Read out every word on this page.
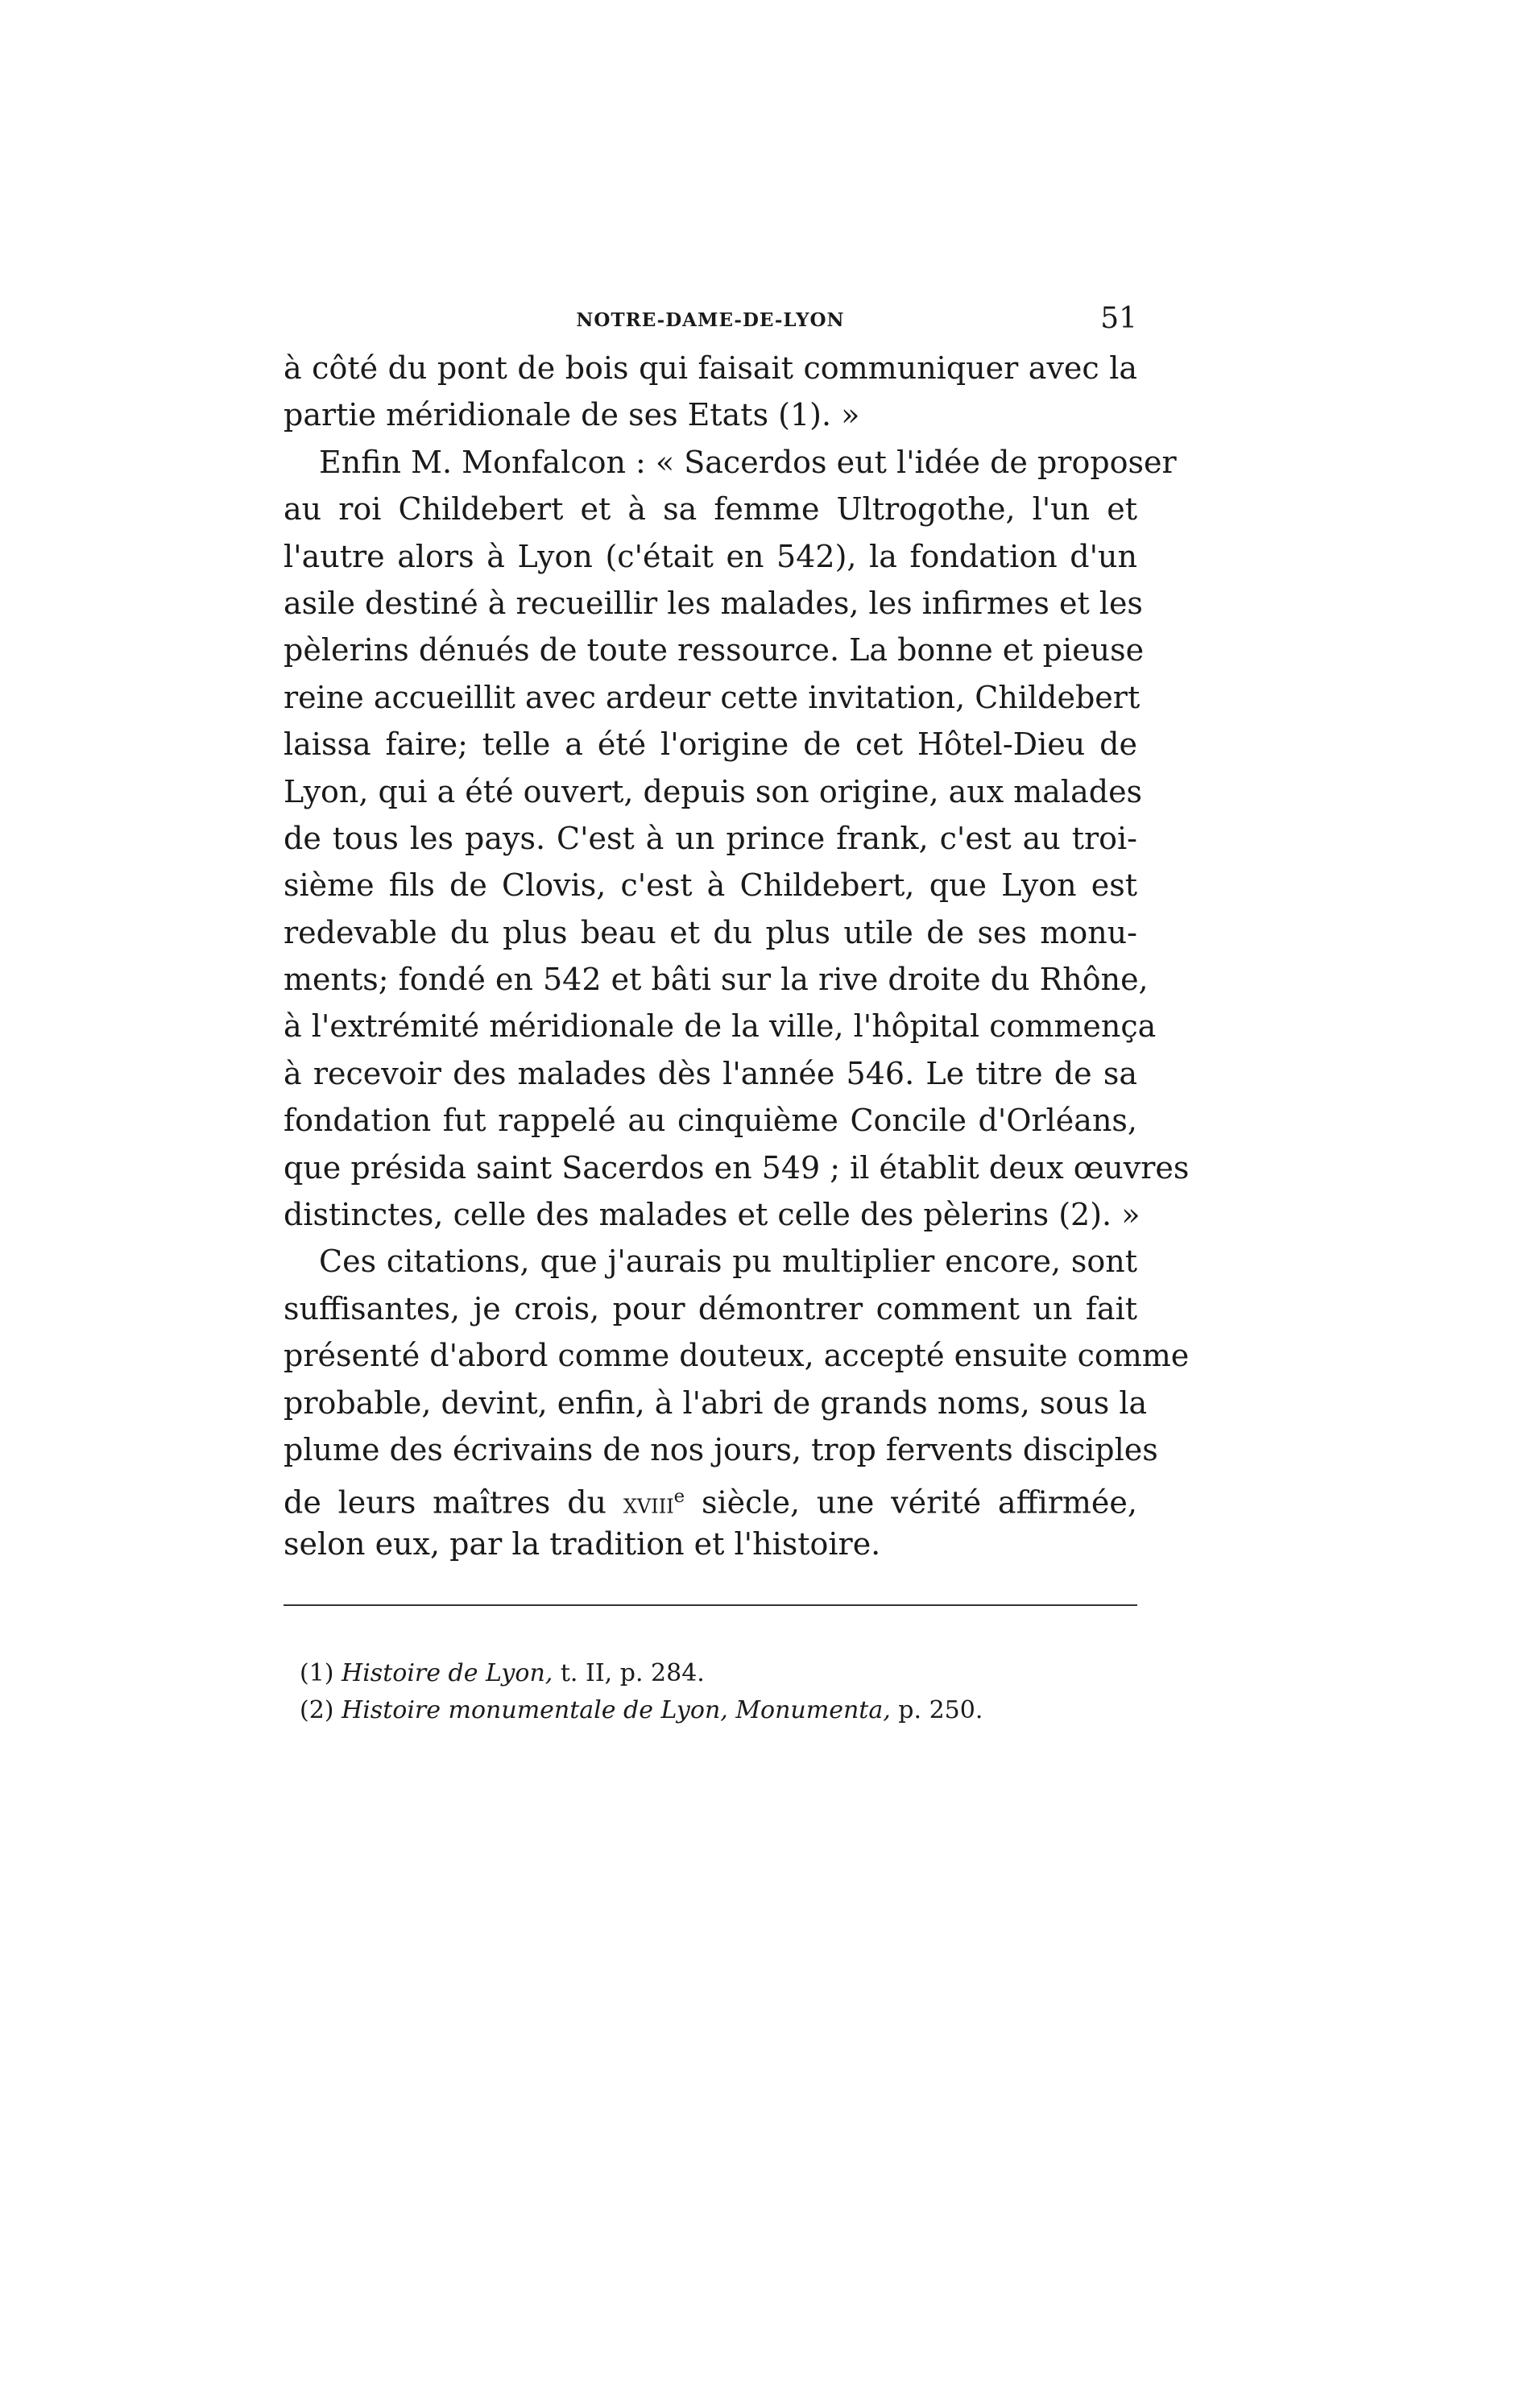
NOTRE-DAME-DE-LYON	51
à côté du pont de bois qui faisait communiquer avec la
partie méridionale de ses Etats (1). »
Enfin M. Monfalcon : « Sacerdos eut l'idée de proposer
au roi Childebert et à sa femme Ultrogothe, l'un et
l'autre alors à Lyon (c'était en 542), la fondation d'un
asile destiné à recueillir les malades, les infirmes et les
pèlerins dénués de toute ressource. La bonne et pieuse
reine accueillit avec ardeur cette invitation, Childebert
laissa faire; telle a été l'origine de cet Hôtel-Dieu de
Lyon, qui a été ouvert, depuis son origine, aux malades
de tous les pays. C'est à un prince frank, c'est au troi-
sième fils de Clovis, c'est à Childebert, que Lyon est
redevable du plus beau et du plus utile de ses monu-
ments; fondé en 542 et bâti sur la rive droite du Rhône,
à l'extrémité méridionale de la ville, l'hôpital commença
à recevoir des malades dès l'année 546. Le titre de sa
fondation fut rappelé au cinquième Concile d'Orléans,
que présida saint Sacerdos en 549 ; il établit deux œuvres
distinctes, celle des malades et celle des pèlerins (2). »
Ces citations, que j'aurais pu multiplier encore, sont
suffisantes, je crois, pour démontrer comment un fait
présenté d'abord comme douteux, accepté ensuite comme
probable, devint, enfin, à l'abri de grands noms, sous la
plume des écrivains de nos jours, trop fervents disciples
de leurs maîtres du xviii$^e$ siècle, une vérité affirmée,
selon eux, par la tradition et l'histoire.
(1) Histoire de Lyon, t. II, p. 284.
(2) Histoire monumentale de Lyon, Monumenta, p. 250.
